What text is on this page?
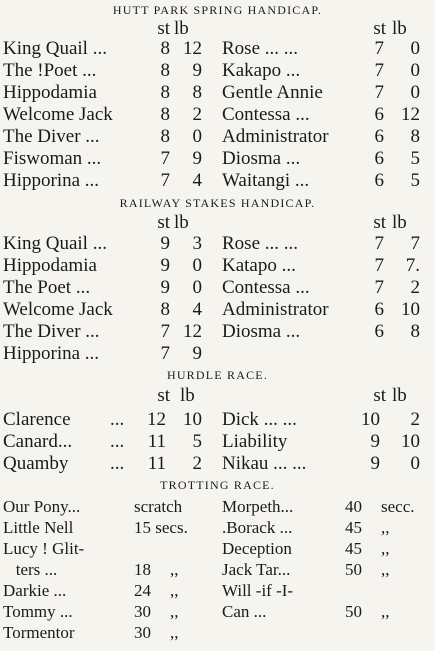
HUTT PARK SPRING HANDICAP.
st lb	st lb
King Quail ...	8 12
The !Poet ...	8	9
Hippodamia	8	8
Welcome Jack	8	2
The Diver ...	8	0
Fiswoman ...	7	9
Hipporina ...	7	4
Rose ... ...	7	0
Kakapo ...	7	0
Gentle Annie	7	0
Contessa ...	6 12
Administrator	6	8
Diosma ...	6	5
Waitangi ...	6	5
RAILWAY STAKES HANDICAP.
st lb	st lb
King Quail ...	9	3
Hippodamia	9	0
The Poet ...	9	0
Welcome Jack	8	4
The Diver ...	7 12
Hipporina ...	7	9
Rose ... ...	7	7
Katapo ...	7	7.
Contessa ...	7	2
Administrator	6 10
Diosma ...	6	8
HURDLE RACE.
st lb	st lb
Clarence ...	12 10
Canard... ...	11	5
Quamby ...	11	2
Dick ... ...	10	2
Liability	9	10
Nikau ... ...	9	0
TROTTING RACE.
Our Pony...	scratch
Little Nell	15 secs.
Lucy ! Glit-
ters ...	18 ,,
Darkie ...	24 ,,
Tommy ...	30 ,,
Tormentor	30 ,,
Morpeth...	40 secc.
.Borack ...	45 ,,
Deception	45 ,,
Jack Tar...	50 ,,
Will -if -I-
Can ...	50 ,,
